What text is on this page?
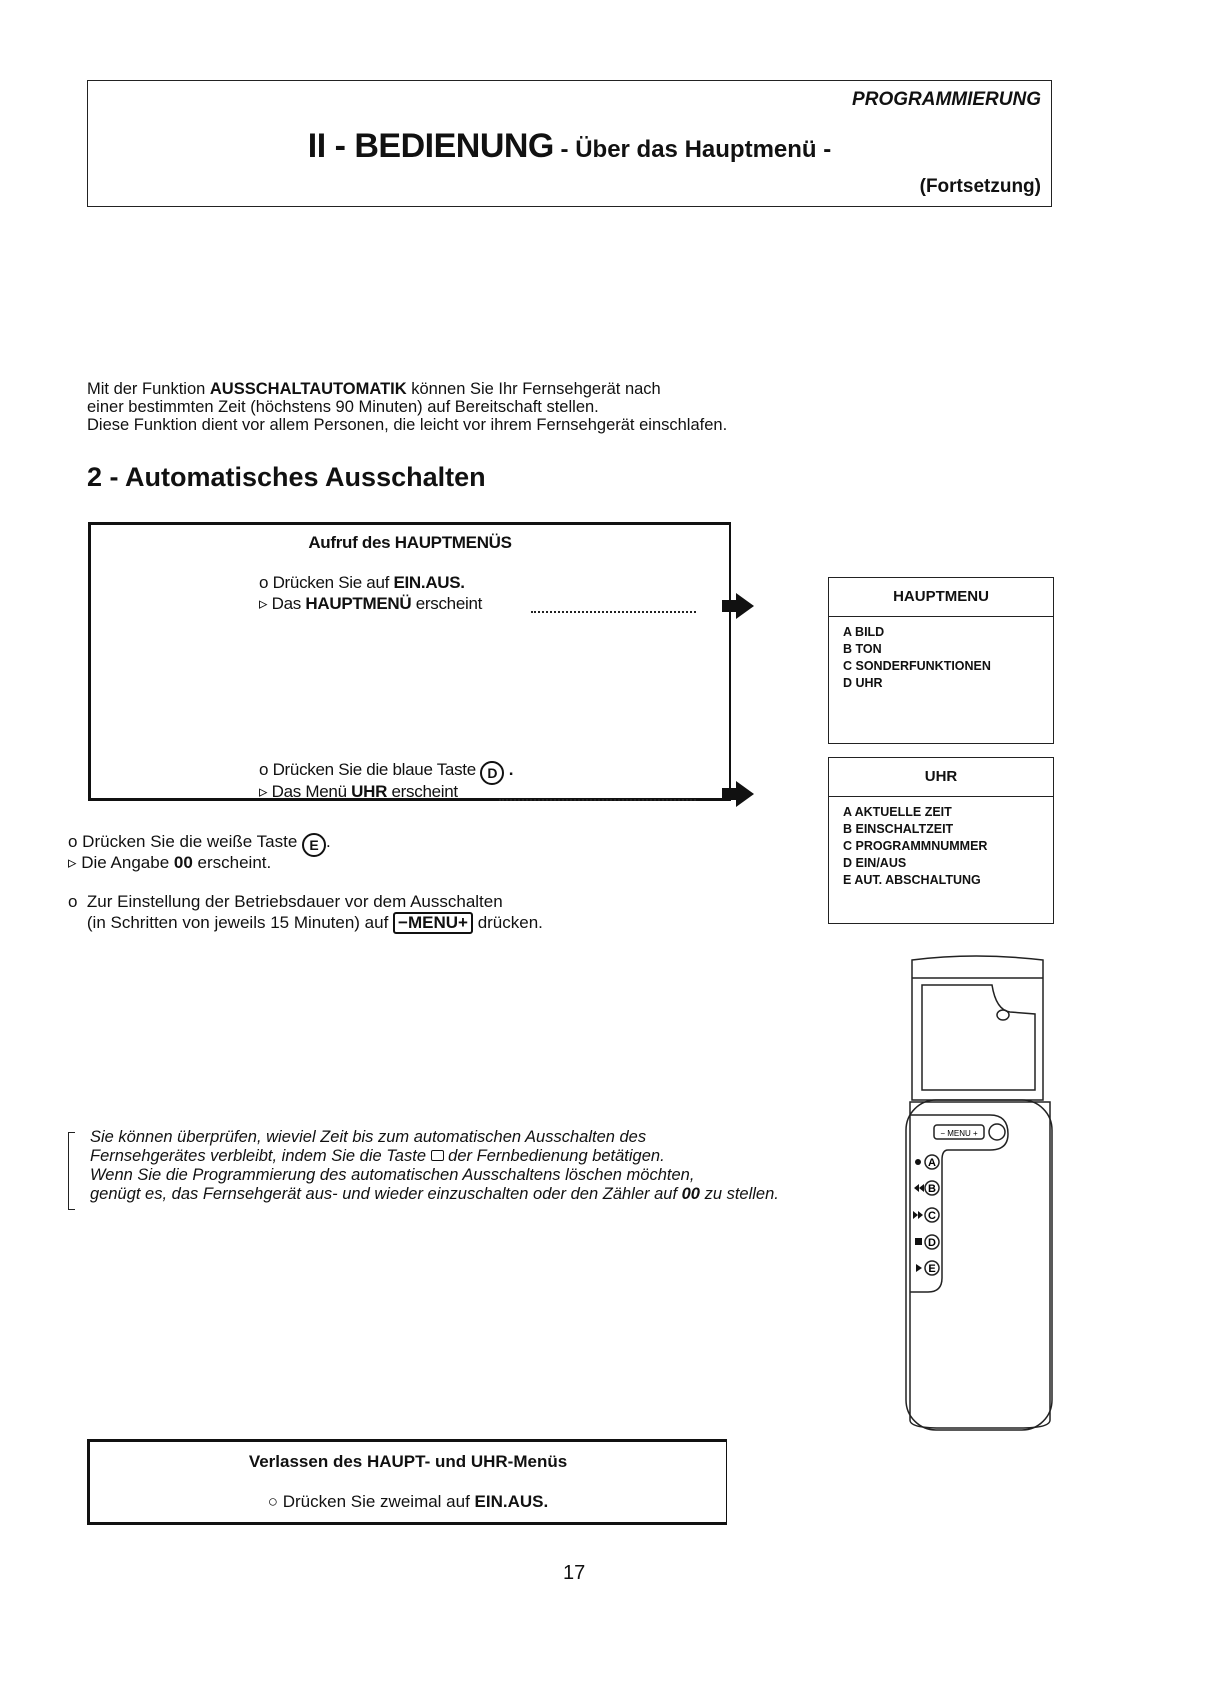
PROGRAMMIERUNG
II - BEDIENUNG - Über das Hauptmenü -
(Fortsetzung)
Mit der Funktion AUSSCHALTAUTOMATIK können Sie Ihr Fernsehgerät nach
einer bestimmten Zeit (höchstens 90 Minuten) auf Bereitschaft stellen.
Diese Funktion dient vor allem Personen, die leicht vor ihrem Fernsehgerät einschlafen.
2 - Automatisches Ausschalten
Aufruf des HAUPTMENÜS
o Drücken Sie auf EIN.AUS.
▹ Das HAUPTMENÜ erscheint
o Drücken Sie die blaue Taste D .
▹ Das Menü UHR erscheint
HAUPTMENU
A BILD
B TON
C SONDERFUNKTIONEN
D UHR
UHR
A AKTUELLE ZEIT
B EINSCHALTZEIT
C PROGRAMMNUMMER
D EIN/AUS
E AUT. ABSCHALTUNG
o Drücken Sie die weiße Taste E .
▹ Die Angabe 00 erscheint.
o  Zur Einstellung der Betriebsdauer vor dem Ausschalten
(in Schritten von jeweils 15 Minuten) auf −MENU+ drücken.
− MENU +
A
B
C
D
E
Sie können überprüfen, wieviel Zeit bis zum automatischen Ausschalten des
Fernsehgerätes verbleibt, indem Sie die Taste  der Fernbedienung betätigen.
Wenn Sie die Programmierung des automatischen Ausschaltens löschen möchten,
genügt es, das Fernsehgerät aus- und wieder einzuschalten oder den Zähler auf 00 zu stellen.
Verlassen des HAUPT- und UHR-Menüs
○ Drücken Sie zweimal auf EIN.AUS.
17
